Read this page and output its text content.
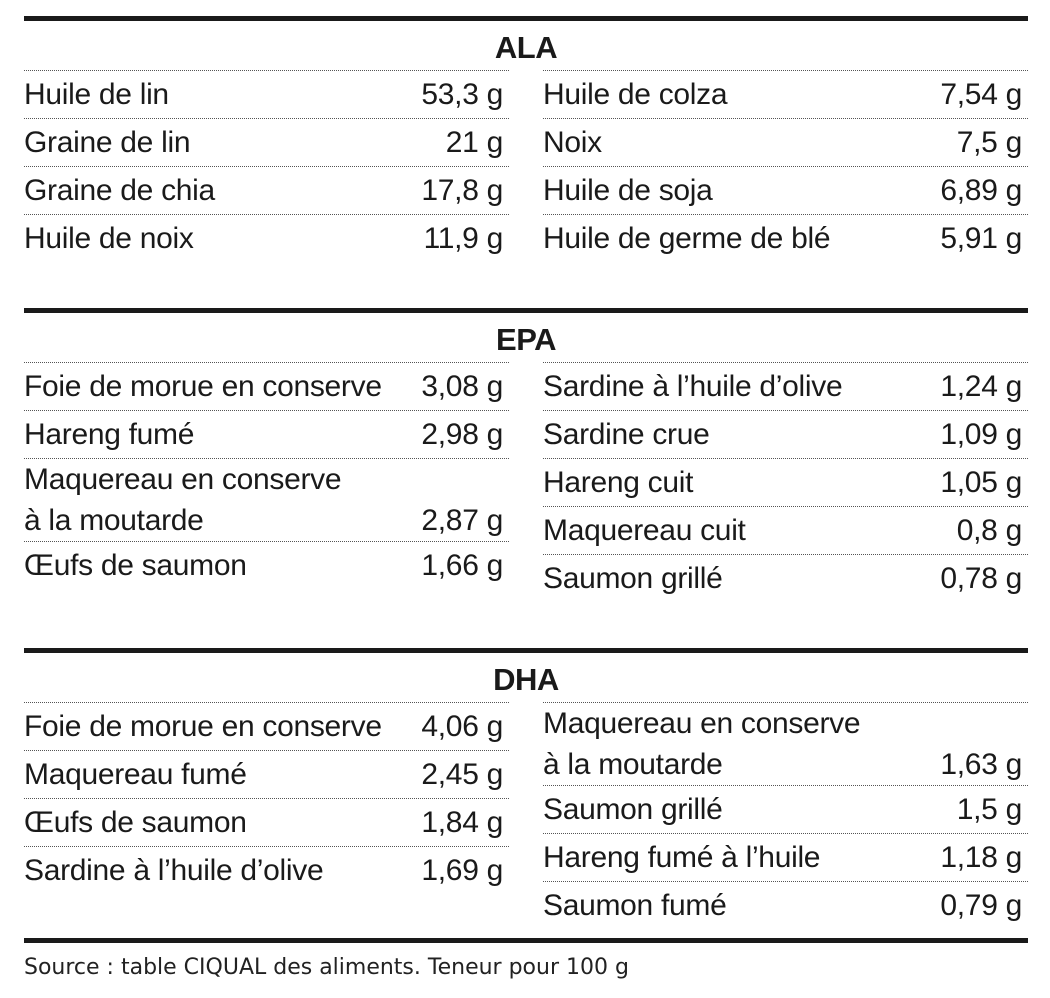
ALA
Huile de lin	53,3 g
Graine de lin	21 g
Graine de chia	17,8 g
Huile de noix	11,9 g
Huile de colza	7,54 g
Noix	7,5 g
Huile de soja	6,89 g
Huile de germe de blé	5,91 g
EPA
Foie de morue en conserve 3,08 g
Hareng fumé	2,98 g
Maquereau en conserve
à la moutarde	2,87 g
Œufs de saumon	1,66 g
Sardine à l’huile d’olive	1,24 g
Sardine crue	1,09 g
Hareng cuit	1,05 g
Maquereau cuit	0,8 g
Saumon grillé	0,78 g
DHA
Foie de morue en conserve 4,06 g
Maquereau fumé	2,45 g
Œufs de saumon	1,84 g
Sardine à l’huile d’olive	1,69 g
Maquereau en conserve
à la moutarde	1,63 g
Saumon grillé	1,5 g
Hareng fumé à l’huile	1,18 g
Saumon fumé	0,79 g
Source : table CIQUAL des aliments. Teneur pour 100 g
